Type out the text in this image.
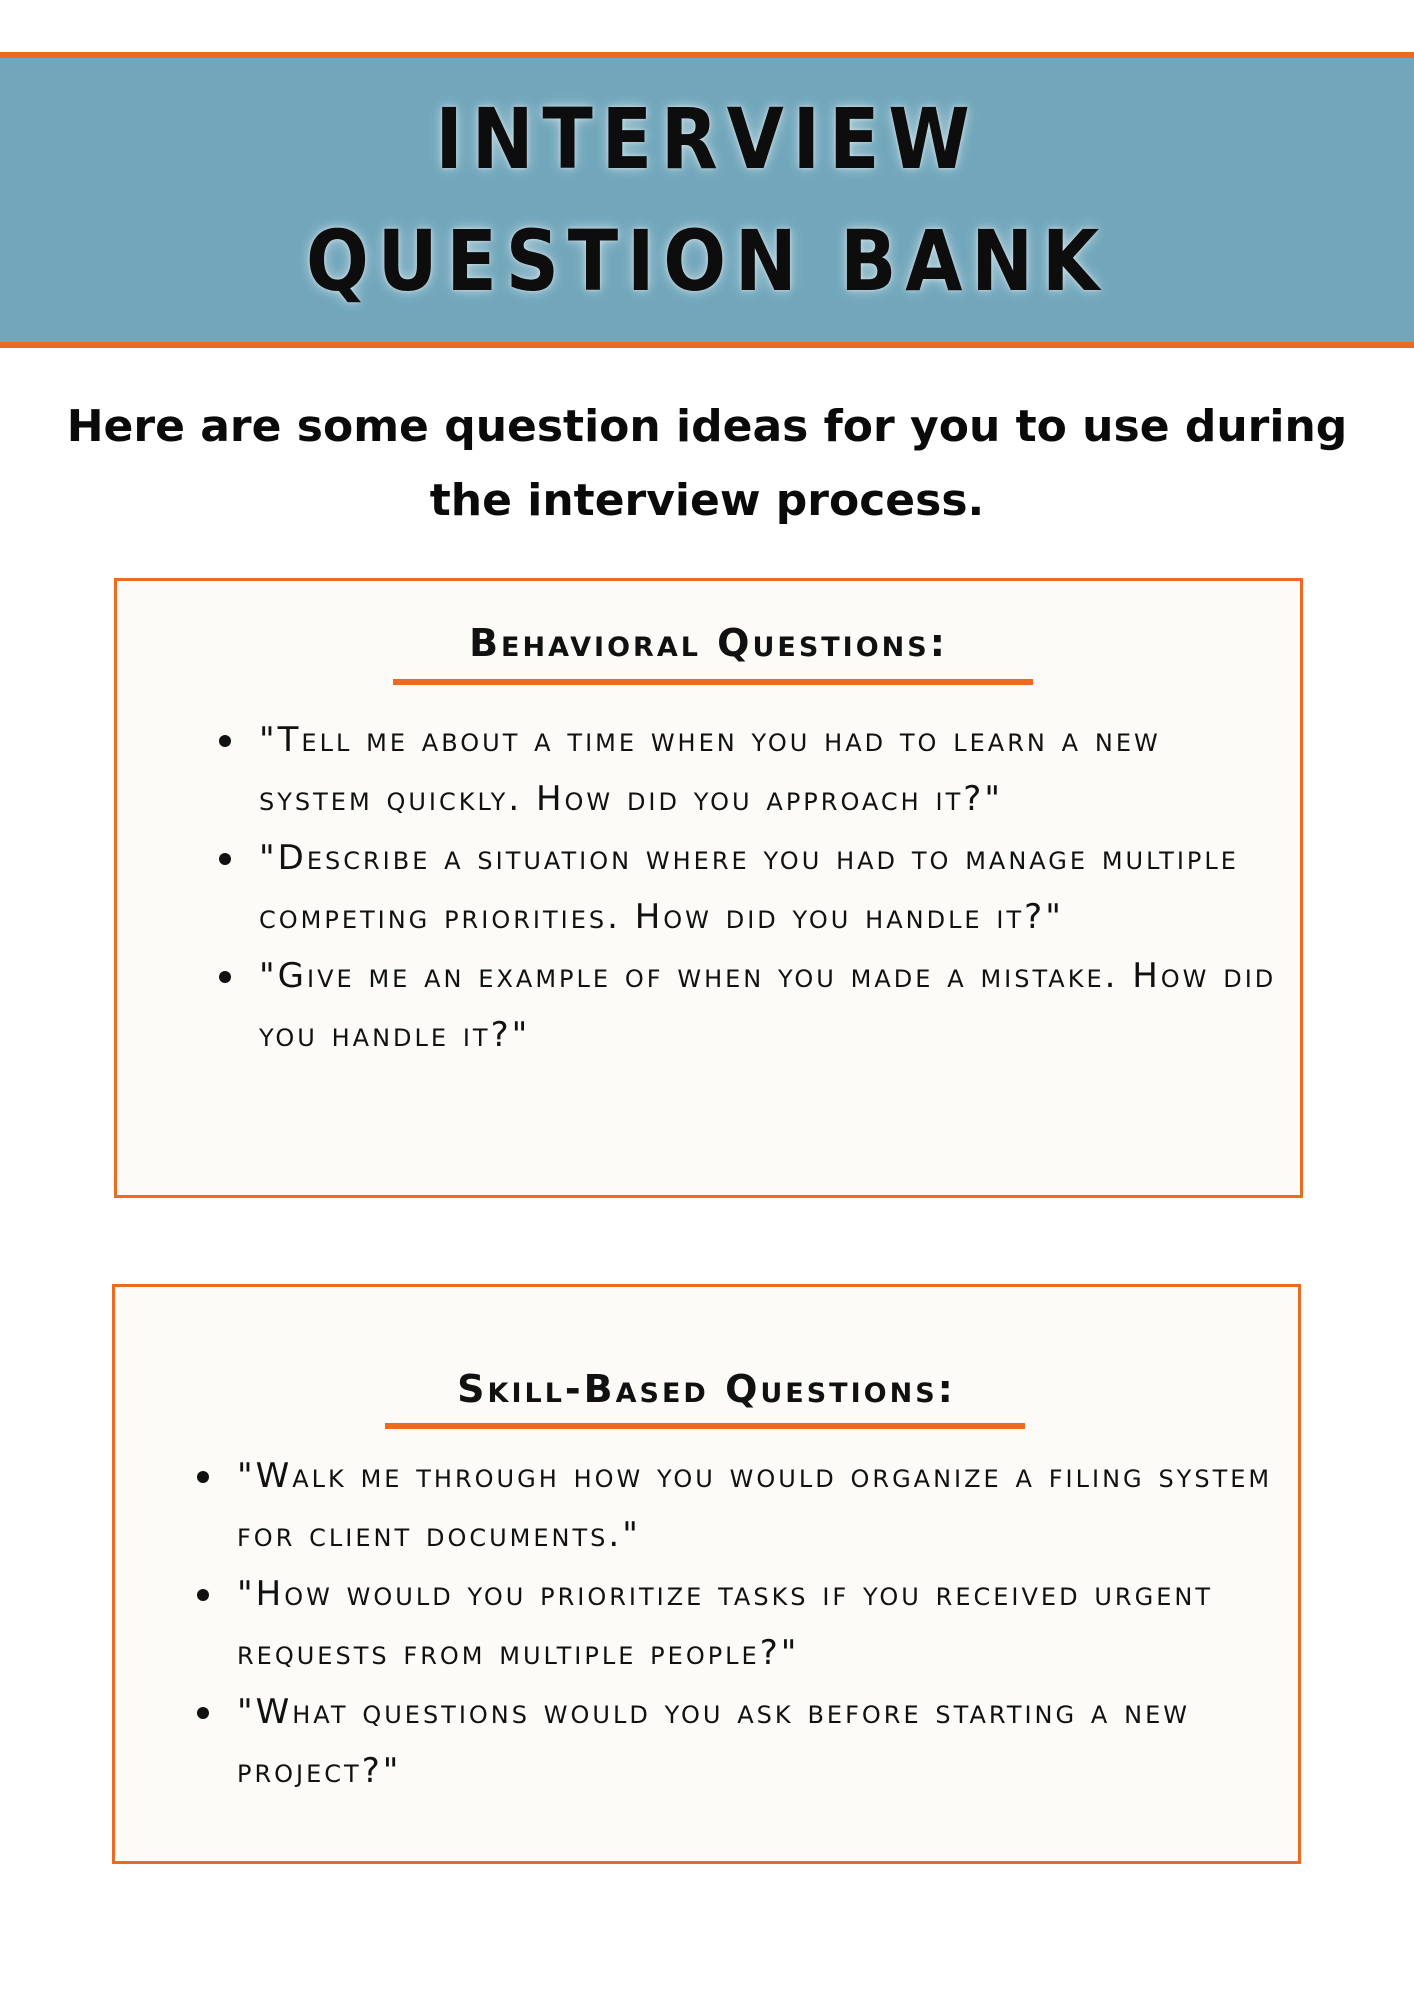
INTERVIEW QUESTION BANK

Here are some question ideas for you to use during the interview process.

Behavioral Questions:
"Tell me about a time when you had to learn a new system quickly. How did you approach it?"
"Describe a situation where you had to manage multiple competing priorities. How did you handle it?"
"Give me an example of when you made a mistake. How did you handle it?"
Skill-Based Questions:
"Walk me through how you would organize a filing system for client documents."
"How would you prioritize tasks if you received urgent requests from multiple people?"
"What questions would you ask before starting a new project?"
